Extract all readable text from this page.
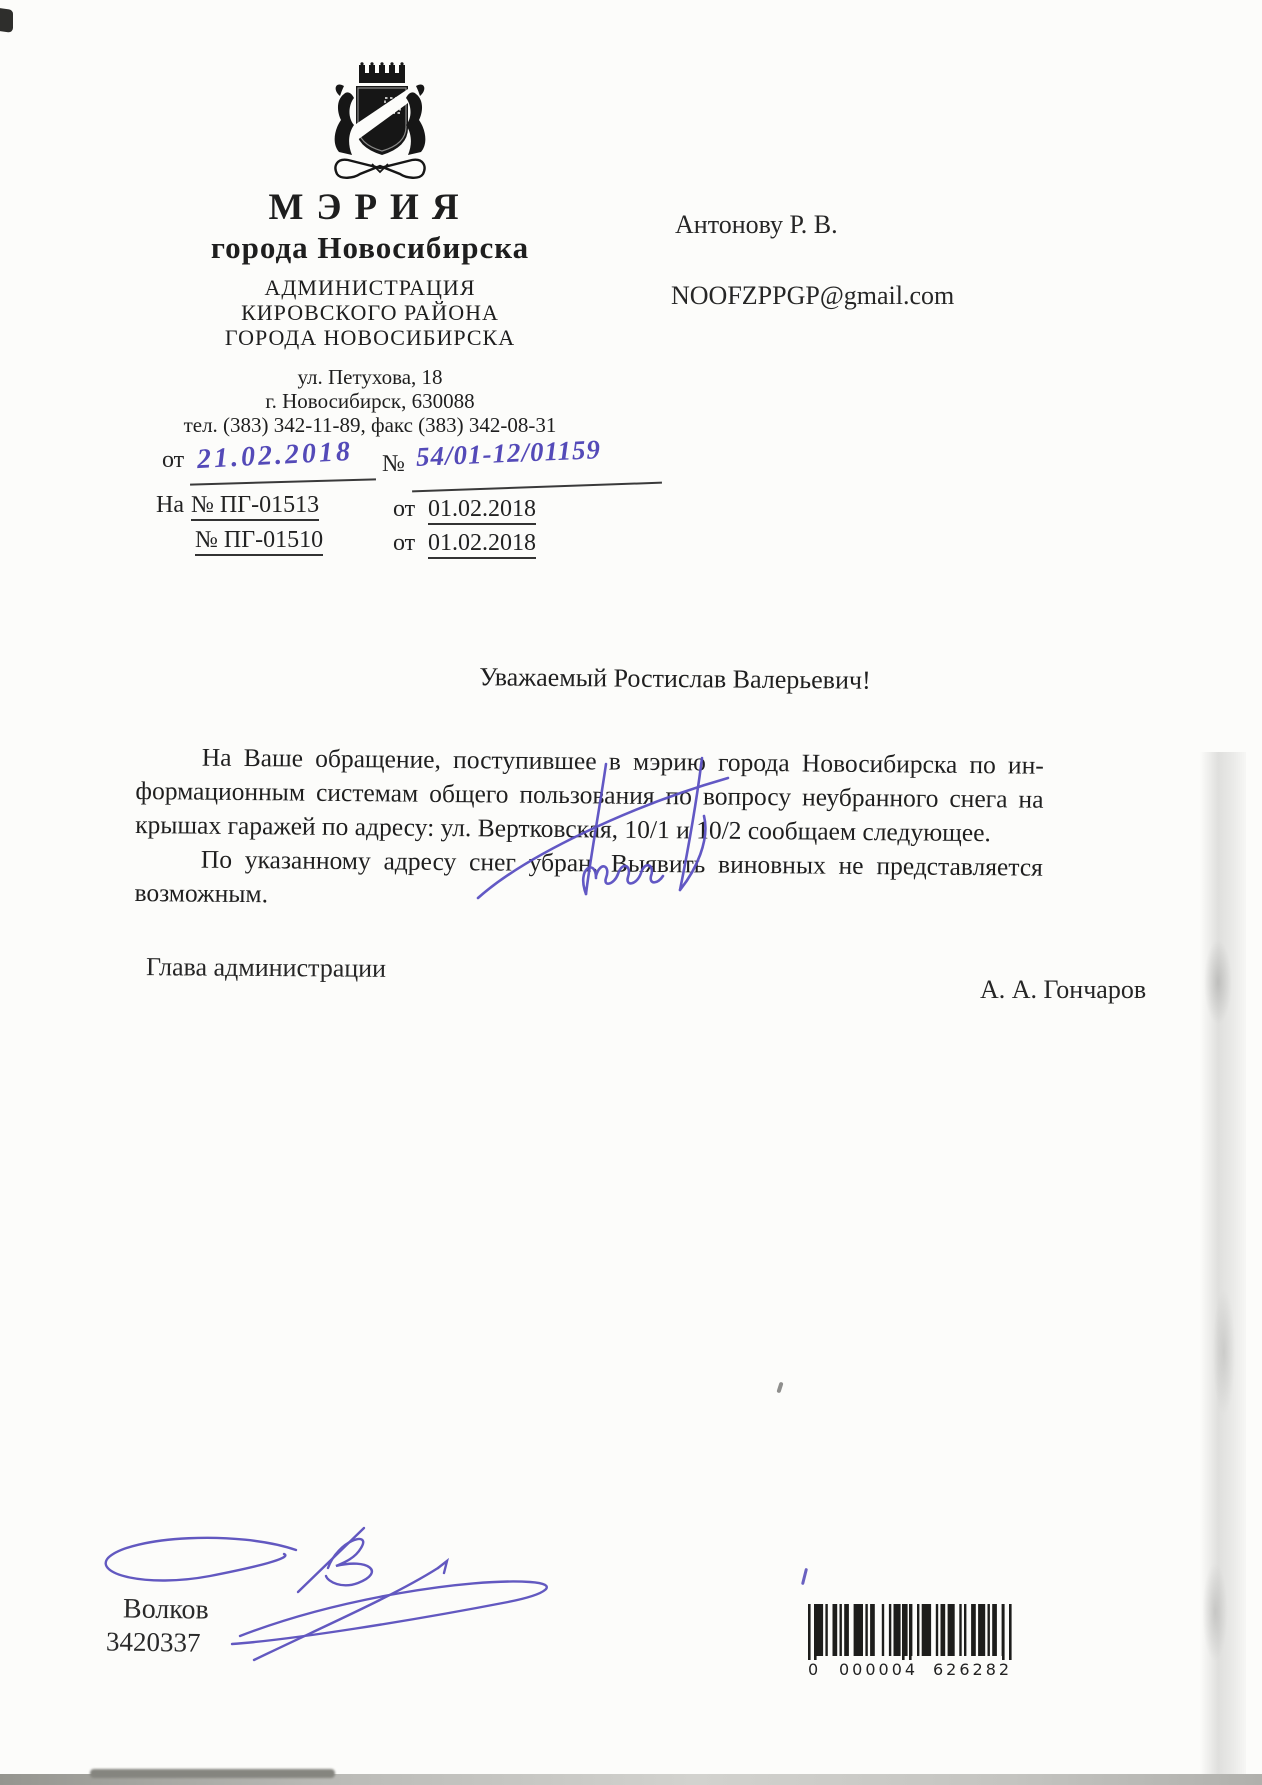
МЭРИЯ
города Новосибирска
АДМИНИСТРАЦИЯ
КИРОВСКОГО РАЙОНА
ГОРОДА НОВОСИБИРСКА
ул. Петухова, 18
г. Новосибирск, 630088
тел. (383) 342-11-89, факс (383) 342-08-31
Антонову Р. В.
NOOFZPPGP@gmail.com
от 21.02.2018 № 54/01-12/01159
На № ПГ-01513	от 01.02.2018
№ ПГ-01510	от 01.02.2018
Уважаемый Ростислав Валерьевич!
На Ваше обращение, поступившее в мэрию города Новосибирска по ин-
формационным системам общего пользования по вопросу неубранного снега на
крышах гаражей по адресу: ул. Вертковская, 10/1 и 10/2 сообщаем следующее.
По указанному адресу снег убран. Выявить виновных не представляется
возможным.
Глава администрации
А. А. Гончаров
Волков
3420337
0 000004 626282
